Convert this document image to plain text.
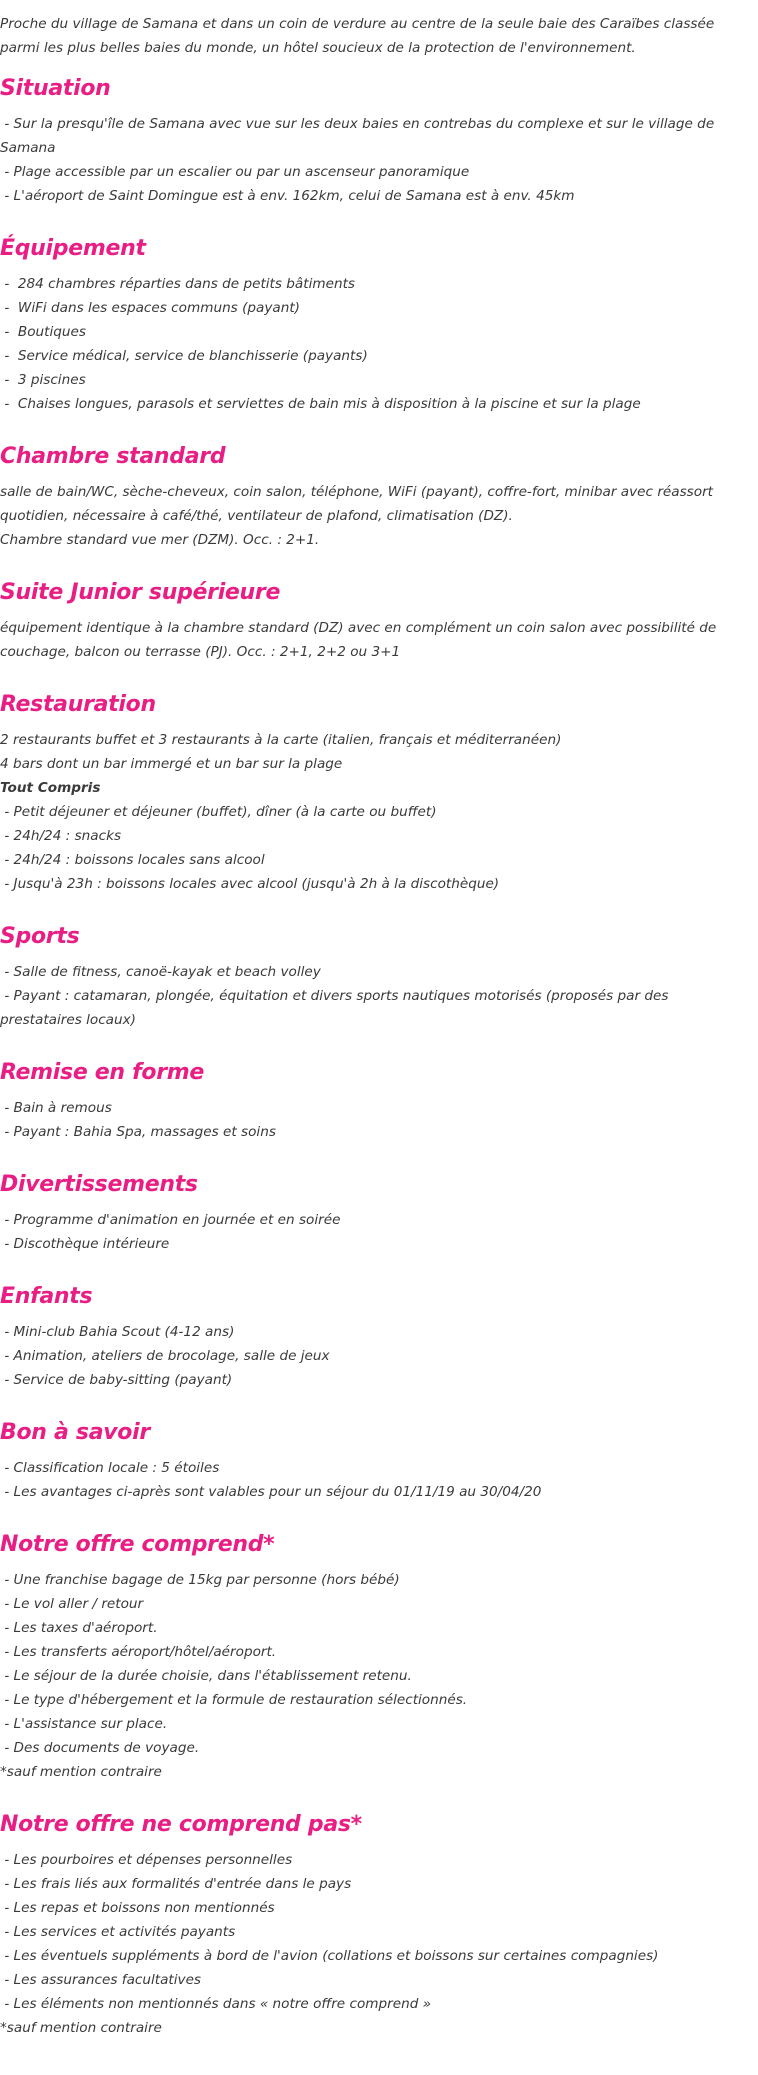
Proche du village de Samana et dans un coin de verdure au centre de la seule baie des Caraïbes classée parmi les plus belles baies du monde, un hôtel soucieux de la protection de l'environnement.

Situation
- Sur la presqu'île de Samana avec vue sur les deux baies en contrebas du complexe et sur le village de Samana
- Plage accessible par un escalier ou par un ascenseur panoramique
- L'aéroport de Saint Domingue est à env. 162km, celui de Samana est à env. 45km
Équipement
-  284 chambres réparties dans de petits bâtiments
-  WiFi dans les espaces communs (payant)
-  Boutiques
-  Service médical, service de blanchisserie (payants)
-  3 piscines
-  Chaises longues, parasols et serviettes de bain mis à disposition à la piscine et sur la plage
Chambre standard
salle de bain/WC, sèche-cheveux, coin salon, téléphone, WiFi (payant), coffre-fort, minibar avec réassort quotidien, nécessaire à café/thé, ventilateur de plafond, climatisation (DZ).
Chambre standard vue mer (DZM). Occ. : 2+1.
Suite Junior supérieure
équipement identique à la chambre standard (DZ) avec en complément un coin salon avec possibilité de couchage, balcon ou terrasse (PJ). Occ. : 2+1, 2+2 ou 3+1
Restauration
2 restaurants buffet et 3 restaurants à la carte (italien, français et méditerranéen)
4 bars dont un bar immergé et un bar sur la plage
Tout Compris
- Petit déjeuner et déjeuner (buffet), dîner (à la carte ou buffet)
- 24h/24 : snacks
- 24h/24 : boissons locales sans alcool
- Jusqu'à 23h : boissons locales avec alcool (jusqu'à 2h à la discothèque)
Sports
- Salle de fitness, canoë-kayak et beach volley
- Payant : catamaran, plongée, équitation et divers sports nautiques motorisés (proposés par des prestataires locaux)
Remise en forme
- Bain à remous
- Payant : Bahia Spa, massages et soins
Divertissements
- Programme d'animation en journée et en soirée
- Discothèque intérieure
Enfants
- Mini-club Bahia Scout (4-12 ans)
- Animation, ateliers de brocolage, salle de jeux
- Service de baby-sitting (payant)
Bon à savoir
- Classification locale : 5 étoiles
- Les avantages ci-après sont valables pour un séjour du 01/11/19 au 30/04/20
Notre offre comprend*
- Une franchise bagage de 15kg par personne (hors bébé)
- Le vol aller / retour
- Les taxes d'aéroport.
- Les transferts aéroport/hôtel/aéroport.
- Le séjour de la durée choisie, dans l'établissement retenu.
- Le type d'hébergement et la formule de restauration sélectionnés.
- L'assistance sur place.
- Des documents de voyage.
*sauf mention contraire
Notre offre ne comprend pas*
- Les pourboires et dépenses personnelles
- Les frais liés aux formalités d'entrée dans le pays
- Les repas et boissons non mentionnés
- Les services et activités payants
- Les éventuels suppléments à bord de l'avion (collations et boissons sur certaines compagnies)
- Les assurances facultatives
- Les éléments non mentionnés dans « notre offre comprend »
*sauf mention contraire
